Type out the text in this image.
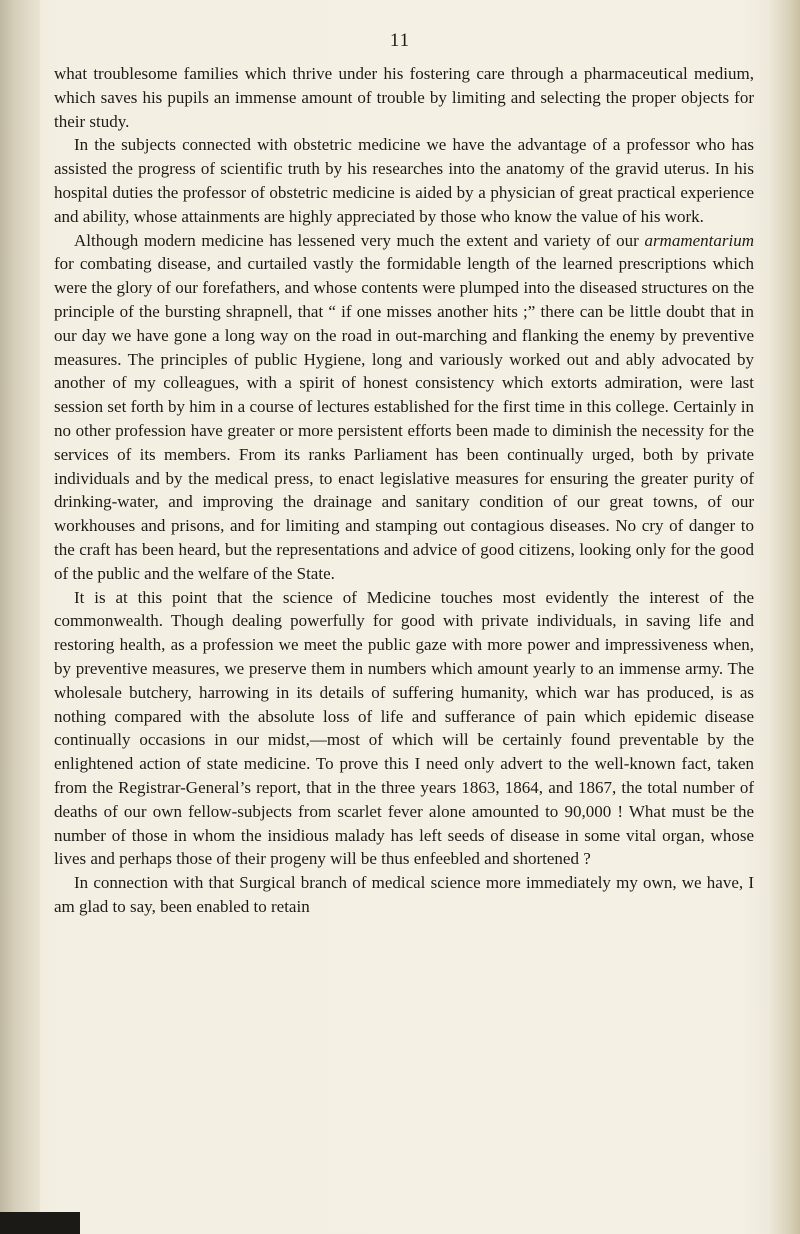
11

what troublesome families which thrive under his fostering care through a pharmaceutical medium, which saves his pupils an immense amount of trouble by limiting and selecting the proper objects for their study.

In the subjects connected with obstetric medicine we have the advantage of a professor who has assisted the progress of scientific truth by his researches into the anatomy of the gravid uterus. In his hospital duties the professor of obstetric medicine is aided by a physician of great practical experience and ability, whose attainments are highly appreciated by those who know the value of his work.

Although modern medicine has lessened very much the extent and variety of our armamentarium for combating disease, and curtailed vastly the formidable length of the learned prescriptions which were the glory of our forefathers, and whose contents were plumped into the diseased structures on the principle of the bursting shrapnell, that “ if one misses another hits ;” there can be little doubt that in our day we have gone a long way on the road in out-marching and flanking the enemy by preventive measures. The principles of public Hygiene, long and variously worked out and ably advocated by another of my colleagues, with a spirit of honest consistency which extorts admiration, were last session set forth by him in a course of lectures established for the first time in this college. Certainly in no other profession have greater or more persistent efforts been made to diminish the necessity for the services of its members. From its ranks Parliament has been continually urged, both by private individuals and by the medical press, to enact legislative measures for ensuring the greater purity of drinking-water, and improving the drainage and sanitary condition of our great towns, of our workhouses and prisons, and for limiting and stamping out contagious diseases. No cry of danger to the craft has been heard, but the representations and advice of good citizens, looking only for the good of the public and the welfare of the State.

It is at this point that the science of Medicine touches most evidently the interest of the commonwealth. Though dealing powerfully for good with private individuals, in saving life and restoring health, as a profession we meet the public gaze with more power and impressiveness when, by preventive measures, we preserve them in numbers which amount yearly to an immense army. The wholesale butchery, harrowing in its details of suffering humanity, which war has produced, is as nothing compared with the absolute loss of life and sufferance of pain which epidemic disease continually occasions in our midst,—most of which will be certainly found preventable by the enlightened action of state medicine. To prove this I need only advert to the well-known fact, taken from the Registrar-General’s report, that in the three years 1863, 1864, and 1867, the total number of deaths of our own fellow-subjects from scarlet fever alone amounted to 90,000 ! What must be the number of those in whom the insidious malady has left seeds of disease in some vital organ, whose lives and perhaps those of their progeny will be thus enfeebled and shortened ?

In connection with that Surgical branch of medical science more immediately my own, we have, I am glad to say, been enabled to retain
